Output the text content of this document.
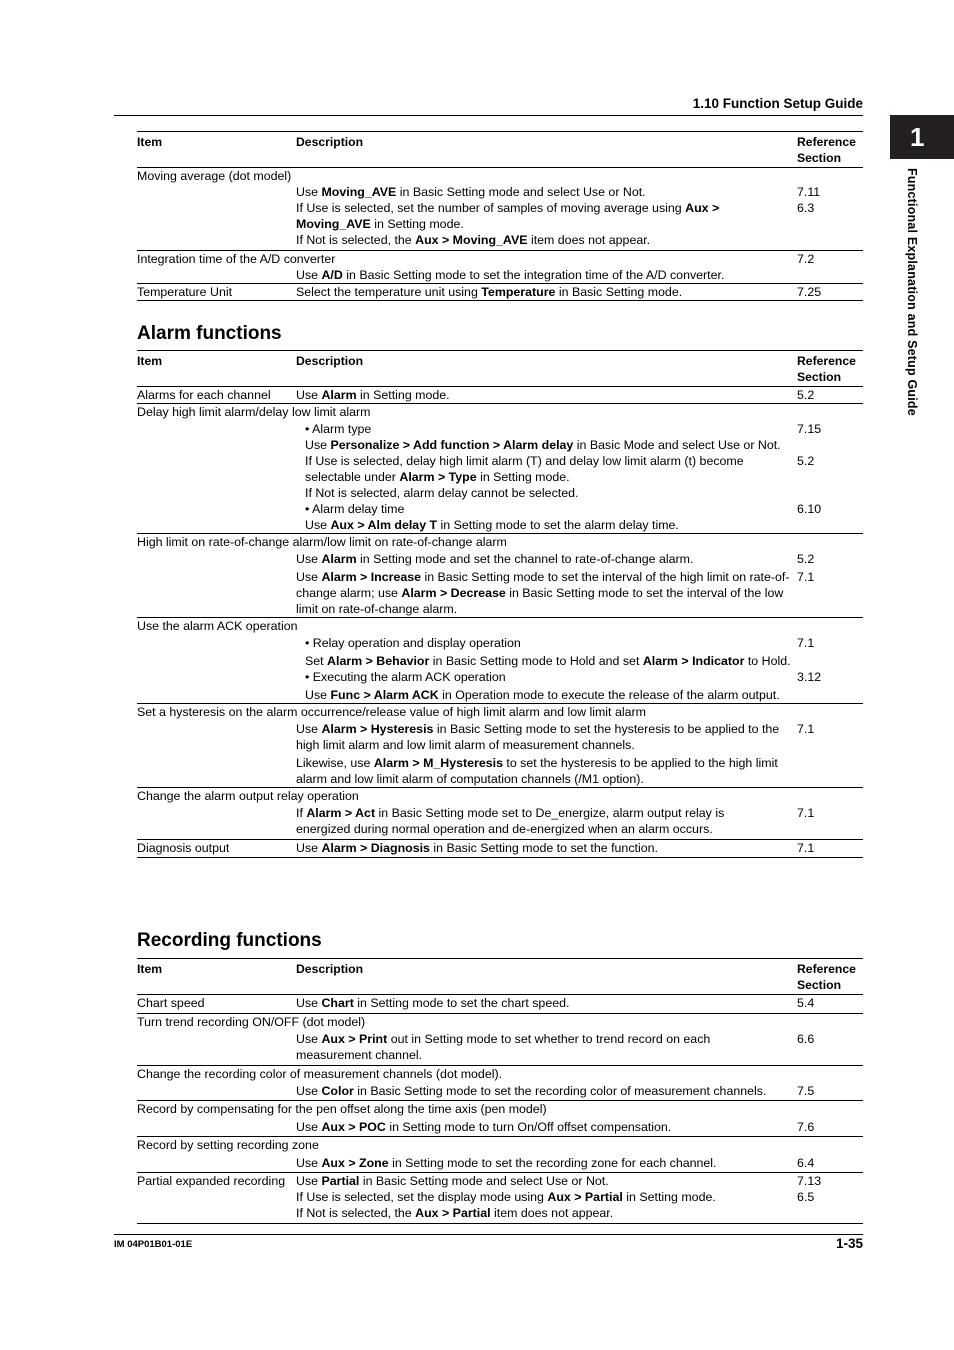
1.10 Function Setup Guide
1
Functional Explanation and Setup Guide
Item	Description	Reference
Section
Moving average (dot model)		
	Use Moving_AVE in Basic Setting mode and select Use or Not.	7.11
	If Use is selected, set the number of samples of moving average using Aux >
Moving_AVE in Setting mode.	6.3
	If Not is selected, the Aux > Moving_AVE item does not appear.	
Integration time of the A/D converter		7.2
	Use A/D in Basic Setting mode to set the integration time of the A/D converter.	
Temperature Unit	Select the temperature unit using Temperature in Basic Setting mode.	7.25
Alarm functions
Item	Description	Reference
Section
Alarms for each channel	Use Alarm in Setting mode.	5.2
Delay high limit alarm/delay low limit alarm		
	• Alarm type	7.15
	Use Personalize > Add function > Alarm delay in Basic Mode and select Use or Not.	
	If Use is selected, delay high limit alarm (T) and delay low limit alarm (t) become selectable under Alarm > Type in Setting mode.	5.2
	If Not is selected, alarm delay cannot be selected.	
	• Alarm delay time	6.10
	Use Aux > Alm delay T in Setting mode to set the alarm delay time.	
High limit on rate-of-change alarm/low limit on rate-of-change alarm		
	Use Alarm in Setting mode and set the channel to rate-of-change alarm.	5.2
	Use Alarm > Increase in Basic Setting mode to set the interval of the high limit on rate-of-change alarm; use Alarm > Decrease in Basic Setting mode to set the interval of the low limit on rate-of-change alarm.	7.1
Use the alarm ACK operation		
	• Relay operation and display operation	7.1
	Set Alarm > Behavior in Basic Setting mode to Hold and set Alarm > Indicator to Hold.	
	• Executing the alarm ACK operation	3.12
	Use Func > Alarm ACK in Operation mode to execute the release of the alarm output.	
Set a hysteresis on the alarm occurrence/release value of high limit alarm and low limit alarm		
	Use Alarm > Hysteresis in Basic Setting mode to set the hysteresis to be applied to the high limit alarm and low limit alarm of measurement channels.	7.1
	Likewise, use Alarm > M_Hysteresis to set the hysteresis to be applied to the high limit alarm and low limit alarm of computation channels (/M1 option).	
Change the alarm output relay operation		
	If Alarm > Act in Basic Setting mode set to De_energize, alarm output relay is energized during normal operation and de-energized when an alarm occurs.	7.1
Diagnosis output	Use Alarm > Diagnosis in Basic Setting mode to set the function.	7.1
Recording functions
Item	Description	Reference
Section
Chart speed	Use Chart in Setting mode to set the chart speed.	5.4
Turn trend recording ON/OFF (dot model)		
	Use Aux > Print out in Setting mode to set whether to trend record on each measurement channel.	6.6
Change the recording color of measurement channels (dot model).		
	Use Color in Basic Setting mode to set the recording color of measurement channels.	7.5
Record by compensating for the pen offset along the time axis (pen model)		
	Use Aux > POC in Setting mode to turn On/Off offset compensation.	7.6
Record by setting recording zone		
	Use Aux > Zone in Setting mode to set the recording zone for each channel.	6.4
Partial expanded recording	Use Partial in Basic Setting mode and select Use or Not.	7.13
	If Use is selected, set the display mode using Aux > Partial in Setting mode.	6.5
	If Not is selected, the Aux > Partial item does not appear.	
IM 04P01B01-01E	1-35
